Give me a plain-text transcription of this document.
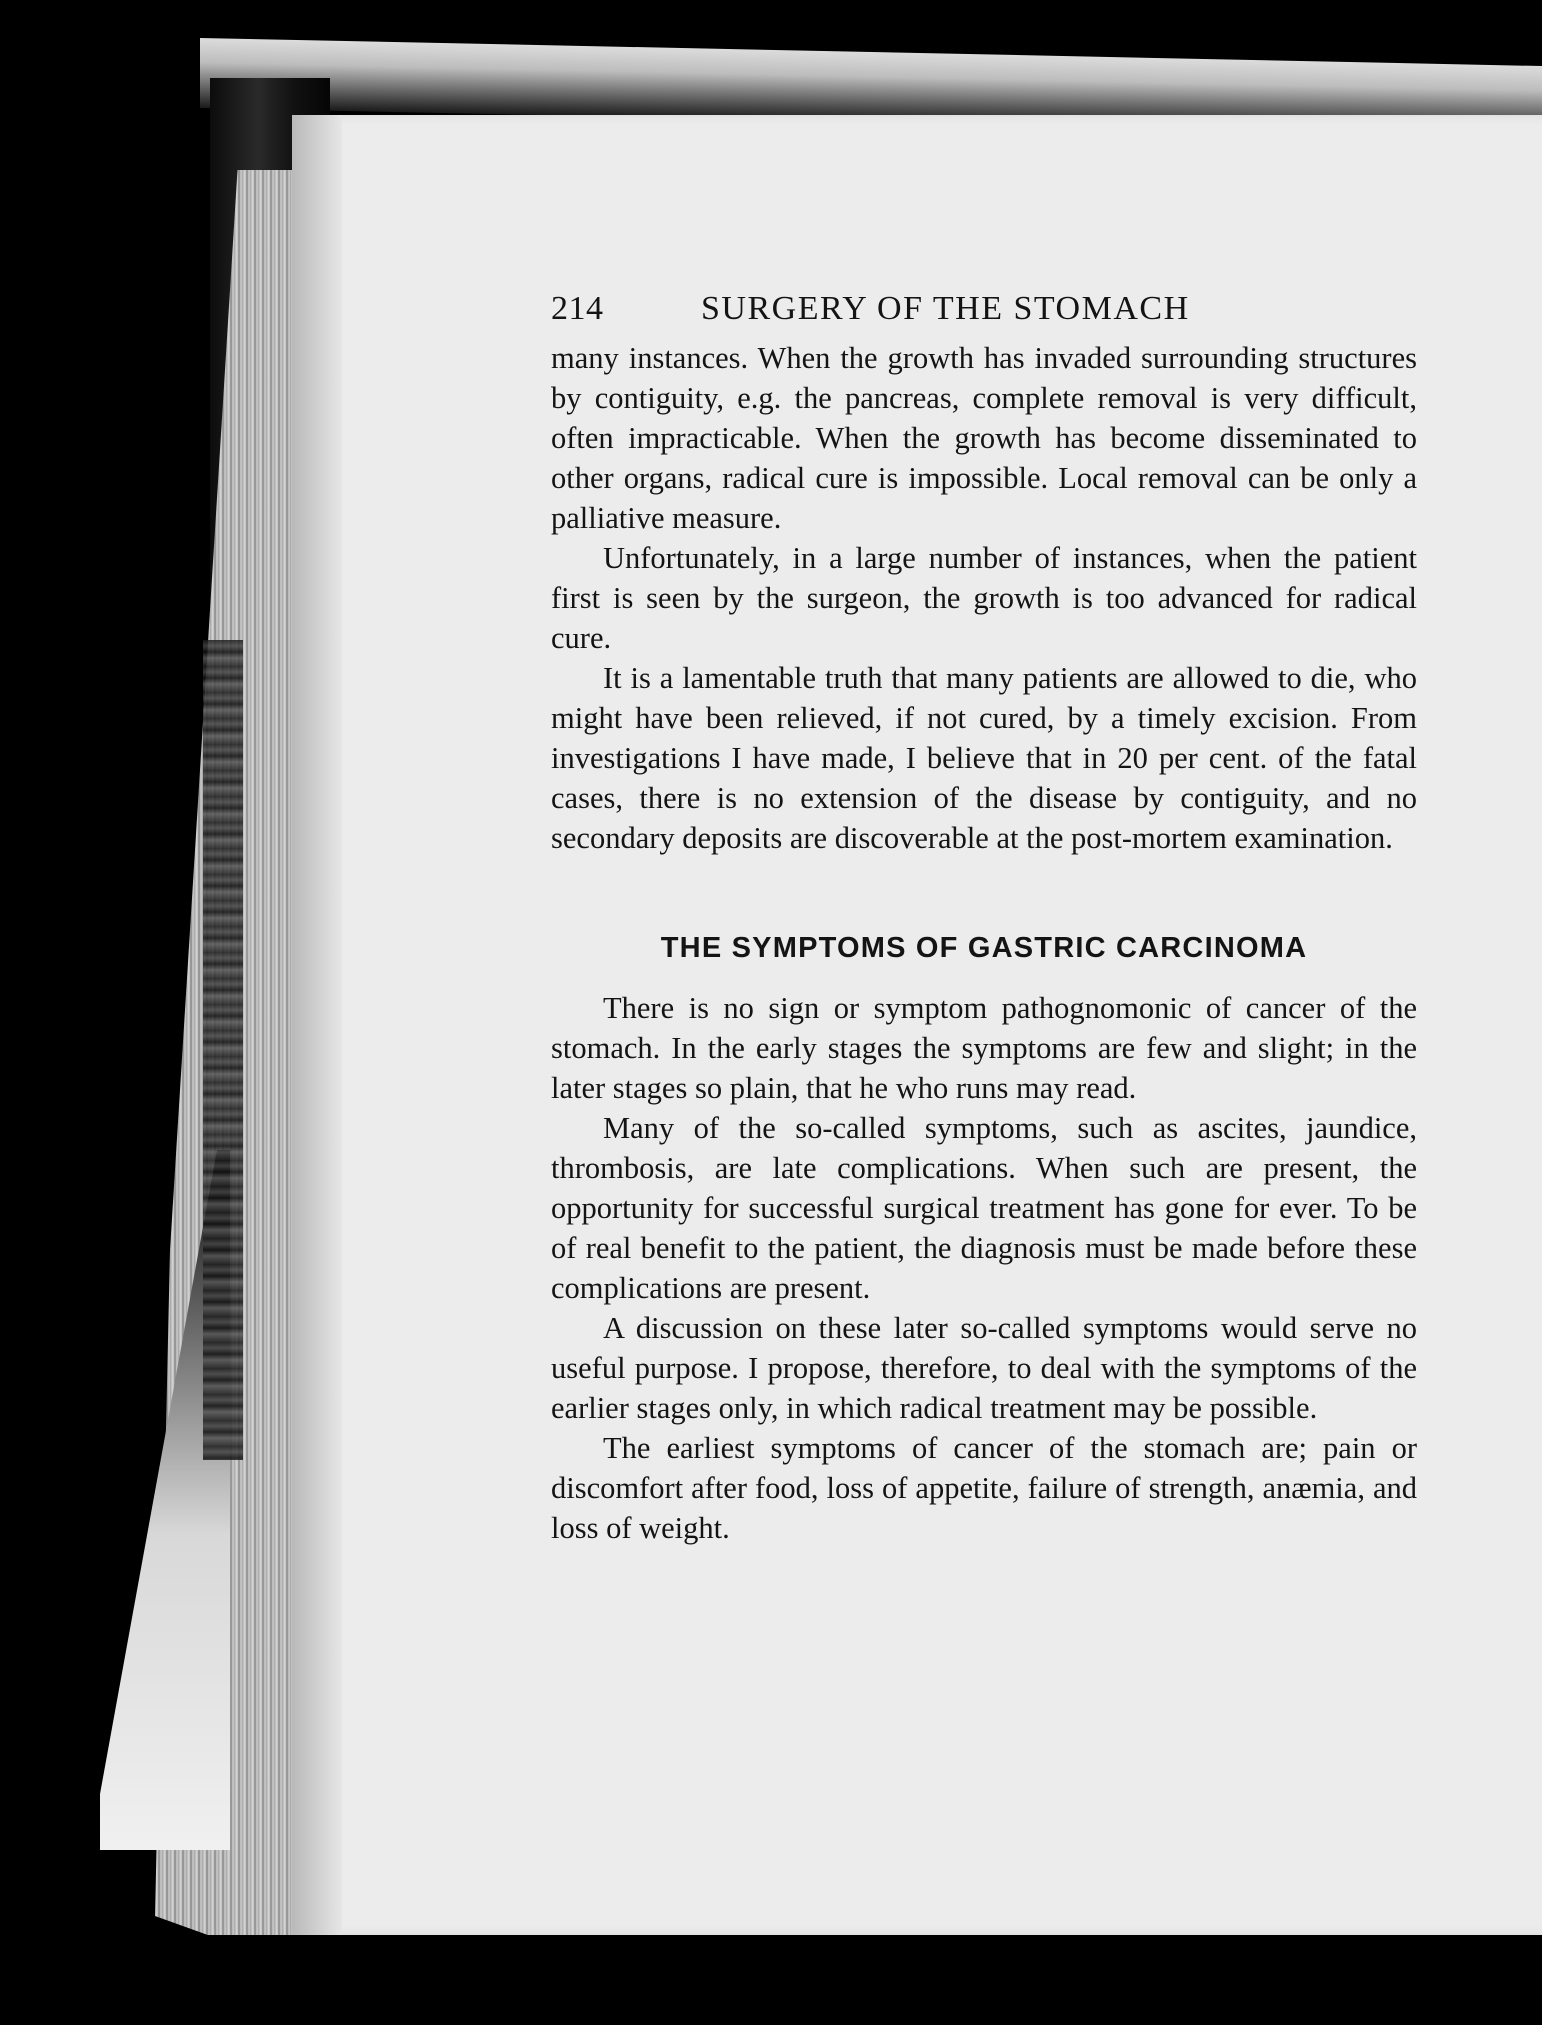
214	SURGERY OF THE STOMACH

many instances. When the growth has invaded surrounding structures by contiguity, e.g. the pancreas, complete removal is very difficult, often impracticable. When the growth has become disseminated to other organs, radical cure is impossible. Local removal can be only a palliative measure.

Unfortunately, in a large number of instances, when the patient first is seen by the surgeon, the growth is too advanced for radical cure.

It is a lamentable truth that many patients are allowed to die, who might have been relieved, if not cured, by a timely excision. From investigations I have made, I believe that in 20 per cent. of the fatal cases, there is no extension of the disease by contiguity, and no secondary deposits are discoverable at the post-mortem examination.

THE SYMPTOMS OF GASTRIC CARCINOMA

There is no sign or symptom pathognomonic of cancer of the stomach. In the early stages the symptoms are few and slight; in the later stages so plain, that he who runs may read.

Many of the so-called symptoms, such as ascites, jaundice, thrombosis, are late complications. When such are present, the opportunity for successful surgical treatment has gone for ever. To be of real benefit to the patient, the diagnosis must be made before these complications are present.

A discussion on these later so-called symptoms would serve no useful purpose. I propose, therefore, to deal with the symptoms of the earlier stages only, in which radical treatment may be possible.

The earliest symptoms of cancer of the stomach are; pain or discomfort after food, loss of appetite, failure of strength, anæmia, and loss of weight.
